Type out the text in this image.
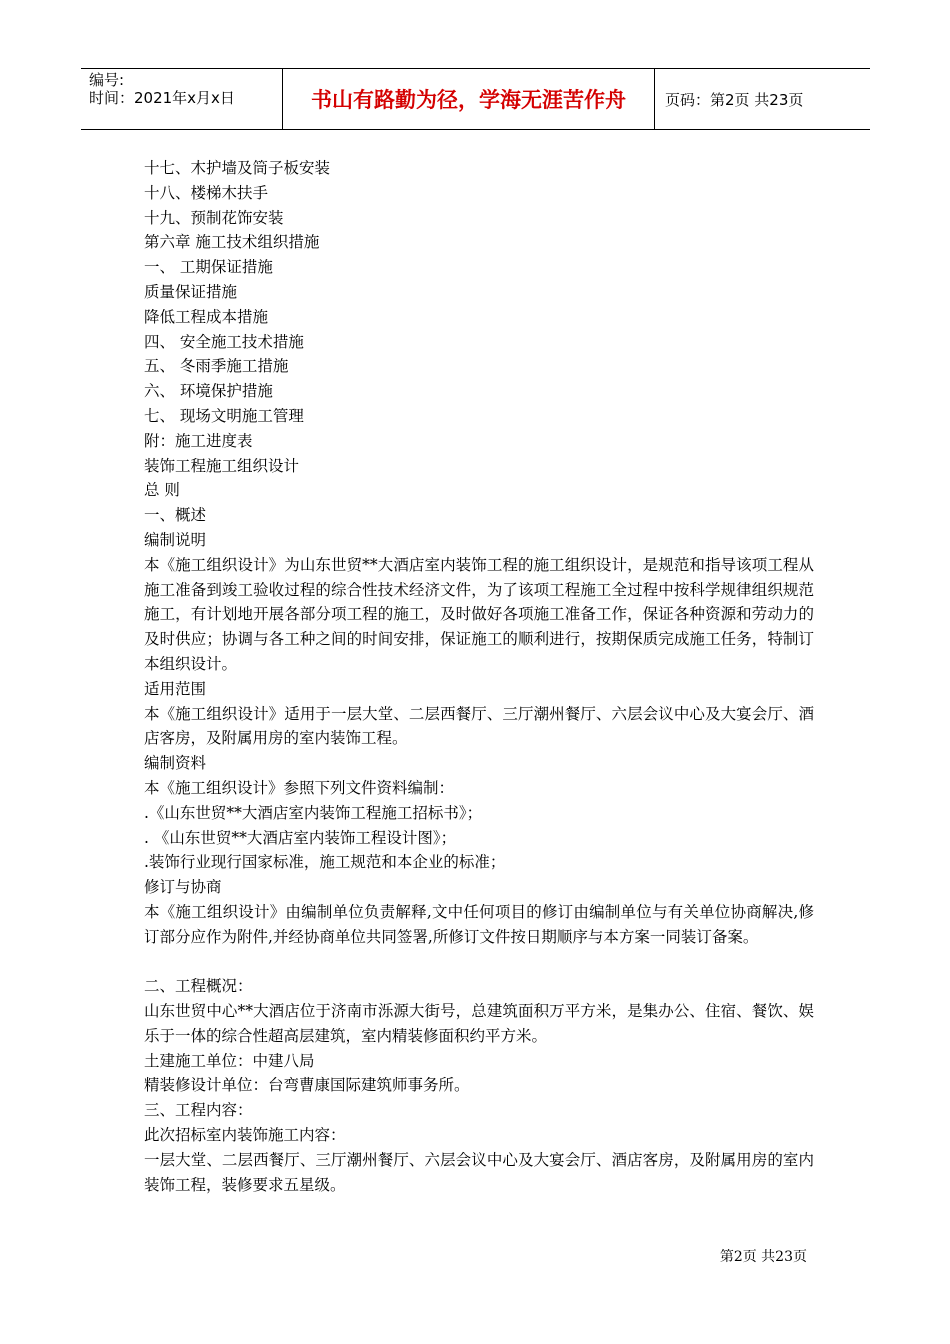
编号:
时间：2021年x月x日	书山有路勤为径，学海无涯苦作舟	页码：第2页 共23页
十七、木护墙及筒子板安装
十八、楼梯木扶手
十九、预制花饰安装
第六章 施工技术组织措施
一、 工期保证措施
质量保证措施
降低工程成本措施
四、 安全施工技术措施
五、 冬雨季施工措施
六、 环境保护措施
七、 现场文明施工管理
附：施工进度表
装饰工程施工组织设计
总 则
一、概述
编制说明

本《施工组织设计》为山东世贸**大酒店室内装饰工程的施工组织设计，是规范和指导该项工程从施工准备到竣工验收过程的综合性技术经济文件，为了该项工程施工全过程中按科学规律组织规范施工，有计划地开展各部分项工程的施工，及时做好各项施工准备工作，保证各种资源和劳动力的及时供应；协调与各工种之间的时间安排，保证施工的顺利进行，按期保质完成施工任务，特制订本组织设计。

适用范围

本《施工组织设计》适用于一层大堂、二层西餐厅、三厅潮州餐厅、六层会议中心及大宴会厅、酒店客房，及附属用房的室内装饰工程。

编制资料
本《施工组织设计》参照下列文件资料编制：
.《山东世贸**大酒店室内装饰工程施工招标书》；
. 《山东世贸**大酒店室内装饰工程设计图》；
.装饰行业现行国家标准，施工规范和本企业的标准；
修订与协商

本《施工组织设计》由编制单位负责解释,文中任何项目的修订由编制单位与有关单位协商解决,修订部分应作为附件,并经协商单位共同签署,所修订文件按日期顺序与本方案一同装订备案。

二、工程概况：

山东世贸中心**大酒店位于济南市泺源大街号，总建筑面积万平方米，是集办公、住宿、餐饮、娱乐于一体的综合性超高层建筑，室内精装修面积约平方米。

土建施工单位：中建八局
精装修设计单位：台弯曹康国际建筑师事务所。
三、工程内容：
此次招标室内装饰施工内容：

一层大堂、二层西餐厅、三厅潮州餐厅、六层会议中心及大宴会厅、酒店客房，及附属用房的室内装饰工程，装修要求五星级。

第2页 共23页
